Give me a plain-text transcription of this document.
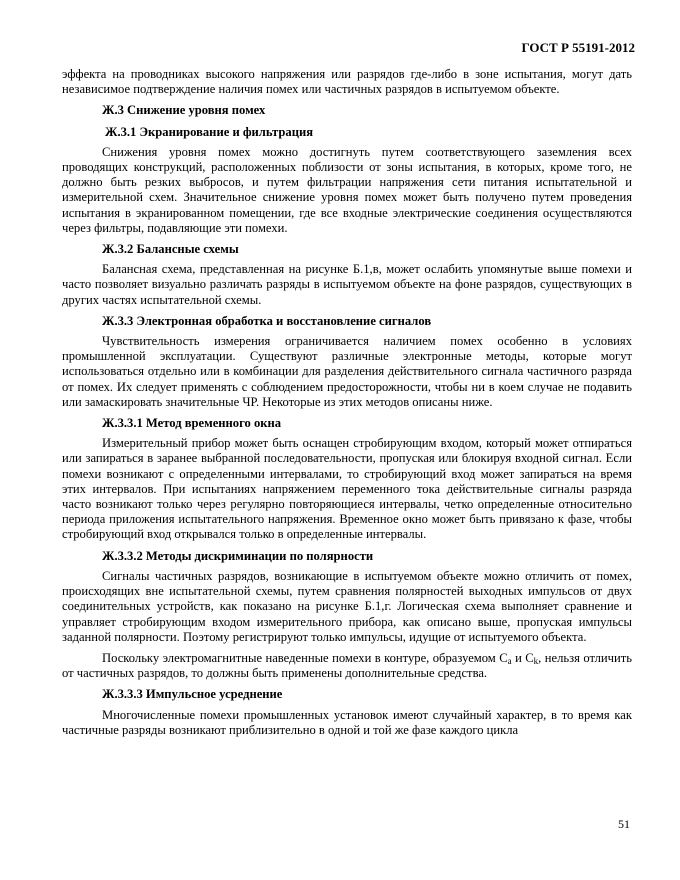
ГОСТ Р 55191-2012

эффекта на проводниках высокого напряжения или разрядов где-либо в зоне испытания, могут дать независимое подтверждение наличия помех или частичных разрядов в испытуемом объекте.

Ж.3 Снижение уровня помех
Ж.3.1 Экранирование и фильтрация

Снижения уровня помех можно достигнуть путем соответствующего заземления всех проводящих конструкций, расположенных поблизости от зоны испытания, в которых, кроме того, не должно быть резких выбросов, и путем фильтрации напряжения сети питания испытательной и измерительной схем. Значительное снижение уровня помех может быть получено путем проведения испытания в экранированном помещении, где все входные электрические соединения осуществляются через фильтры, подавляющие эти помехи.

Ж.3.2 Балансные схемы

Балансная схема, представленная на рисунке Б.1,в, может ослабить упомянутые выше помехи и часто позволяет визуально различать разряды в испытуемом объекте на фоне разрядов, существующих в других частях испытательной схемы.

Ж.3.3 Электронная обработка и восстановление сигналов

Чувствительность измерения ограничивается наличием помех особенно в условиях промышленной эксплуатации. Существуют различные электронные методы, которые могут использоваться отдельно или в комбинации для разделения действительного сигнала частичного разряда от помех. Их следует применять с соблюдением предосторожности, чтобы ни в коем случае не подавить или замаскировать значительные ЧР. Некоторые из этих методов описаны ниже.

Ж.3.3.1 Метод временного окна

Измерительный прибор может быть оснащен стробирующим входом, который может отпираться или запираться в заранее выбранной последовательности, пропуская или блокируя входной сигнал. Если помехи возникают с определенными интервалами, то стробирующий вход может запираться на время этих интервалов. При испытаниях напряжением переменного тока действительные сигналы разряда часто возникают только через регулярно повторяющиеся интервалы, четко определенные относительно периода приложения испытательного напряжения. Временное окно может быть привязано к фазе, чтобы стробирующий вход открывался только в определенные интервалы.

Ж.3.3.2 Методы дискриминации по полярности

Сигналы частичных разрядов, возникающие в испытуемом объекте можно отличить от помех, происходящих вне испытательной схемы, путем сравнения полярностей выходных импульсов от двух соединительных устройств, как показано на рисунке Б.1,г. Логическая схема выполняет сравнение и управляет стробирующим входом измерительного прибора, как описано выше, пропуская импульсы заданной полярности. Поэтому регистрируют только импульсы, идущие от испытуемого объекта.

Поскольку электромагнитные наведенные помехи в контуре, образуемом $C_a$ и $C_k$, нельзя отличить от частичных разрядов, то должны быть применены дополнительные средства.

Ж.3.3.3 Импульсное усреднение

Многочисленные помехи промышленных установок имеют случайный характер, в то время как частичные разряды возникают приблизительно в одной и той же фазе каждого цикла

51
